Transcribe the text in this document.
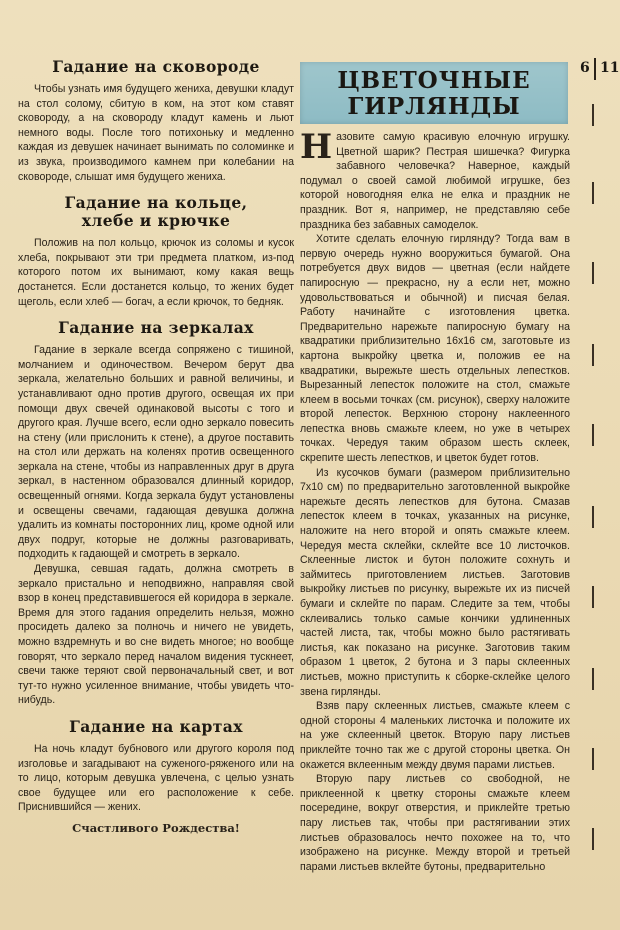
6 11
Гадание на сковороде

Чтобы узнать имя будущего жениха, девушки кладут на стол солому, сбитую в ком, на этот ком ставят сковороду, а на сковороду кладут камень и льют немного воды. После того потихоньку и медленно каждая из девушек начинает вынимать по соломинке и из звука, производимого камнем при колебании на сковороде, слышат имя будущего жениха.

Гадание на кольце,
хлебе и крючке

Положив на пол кольцо, крючок из соломы и кусок хлеба, покрывают эти три предмета платком, из-под которого потом их вынимают, кому какая вещь достанется. Если достанется кольцо, то жених будет щеголь, если хлеб — богач, а если крючок, то бедняк.

Гадание на зеркалах

Гадание в зеркале всегда сопряжено с тишиной, молчанием и одиночеством. Вечером берут два зеркала, желательно больших и равной величины, и устанавливают одно против другого, освещая их при помощи двух свечей одинаковой высоты с того и другого края. Лучше всего, если одно зеркало повесить на стену (или прислонить к стене), а другое поставить на стол или держать на коленях против освещенного зеркала на стене, чтобы из направленных друг в друга зеркал, в настенном образовался длинный коридор, освещенный огнями. Когда зеркала будут установлены и освещены свечами, гадающая девушка должна удалить из комнаты посторонних лиц, кроме одной или двух подруг, которые не должны разговаривать, подходить к гадающей и смотреть в зеркало.

Девушка, севшая гадать, должна смотреть в зеркало пристально и неподвижно, направляя свой взор в конец представившегося ей коридора в зеркале. Время для этого гадания определить нельзя, можно просидеть далеко за полночь и ничего не увидеть, можно вздремнуть и во сне видеть многое; но вообще говорят, что зеркало перед началом видения тускнеет, свечи также теряют свой первоначальный свет, и вот тут-то нужно усиленное внимание, чтобы увидеть что-нибудь.

Гадание на картах

На ночь кладут бубнового или другого короля под изголовье и загадывают на суженого-ряженого или на то лицо, которым девушка увлечена, с целью узнать свое будущее или его расположение к себе. Приснившийся — жених.

Счастливого Рождества!
ЦВЕТОЧНЫЕ
ГИРЛЯНДЫ

Назовите самую красивую елочную игрушку. Цветной шарик? Пестрая шишечка? Фигурка забавного человечка? Наверное, каждый подумал о своей самой любимой игрушке, без которой новогодняя елка не елка и праздник не праздник. Вот я, например, не представляю себе праздника без забавных самоделок.

Хотите сделать елочную гирлянду? Тогда вам в первую очередь нужно вооружиться бумагой. Она потребуется двух видов — цветная (если найдете папиросную — прекрасно, ну а если нет, можно удовольствоваться и обычной) и писчая белая. Работу начинайте с изготовления цветка. Предварительно нарежьте папиросную бумагу на квадратики приблизительно 16х16 см, заготовьте из картона выкройку цветка и, положив ее на квадратики, вырежьте шесть отдельных лепестков. Вырезанный лепесток положите на стол, смажьте клеем в восьми точках (см. рисунок), сверху наложите второй лепесток. Верхнюю сторону наклеенного лепестка вновь смажьте клеем, но уже в четырех точках. Чередуя таким образом шесть склеек, скрепите шесть лепестков, и цветок будет готов.

Из кусочков бумаги (размером приблизительно 7х10 см) по предварительно заготовленной выкройке нарежьте десять лепестков для бутона. Смазав лепесток клеем в точках, указанных на рисунке, наложите на него второй и опять смажьте клеем. Чередуя места склейки, склейте все 10 листочков. Склеенные листок и бутон положите сохнуть и займитесь приготовлением листьев. Заготовив выкройку листьев по рисунку, вырежьте их из писчей бумаги и склейте по парам. Следите за тем, чтобы склеивались только самые кончики удлиненных частей листа, так, чтобы можно было растягивать листья, как показано на рисунке. Заготовив таким образом 1 цветок, 2 бутона и 3 пары склеенных листьев, можно приступить к сборке-склейке целого звена гирлянды.

Взяв пару склеенных листьев, смажьте клеем с одной стороны 4 маленьких листочка и положите их на уже склеенный цветок. Вторую пару листьев приклейте точно так же с другой стороны цветка. Он окажется вклеенным между двумя парами листьев.

Вторую пару листьев со свободной, не приклеенной к цветку стороны смажьте клеем посередине, вокруг отверстия, и приклейте третью пару листьев так, чтобы при растягивании этих листьев образовалось нечто похожее на то, что изображено на рисунке. Между второй и третьей парами листьев вклейте бутоны, предварительно
